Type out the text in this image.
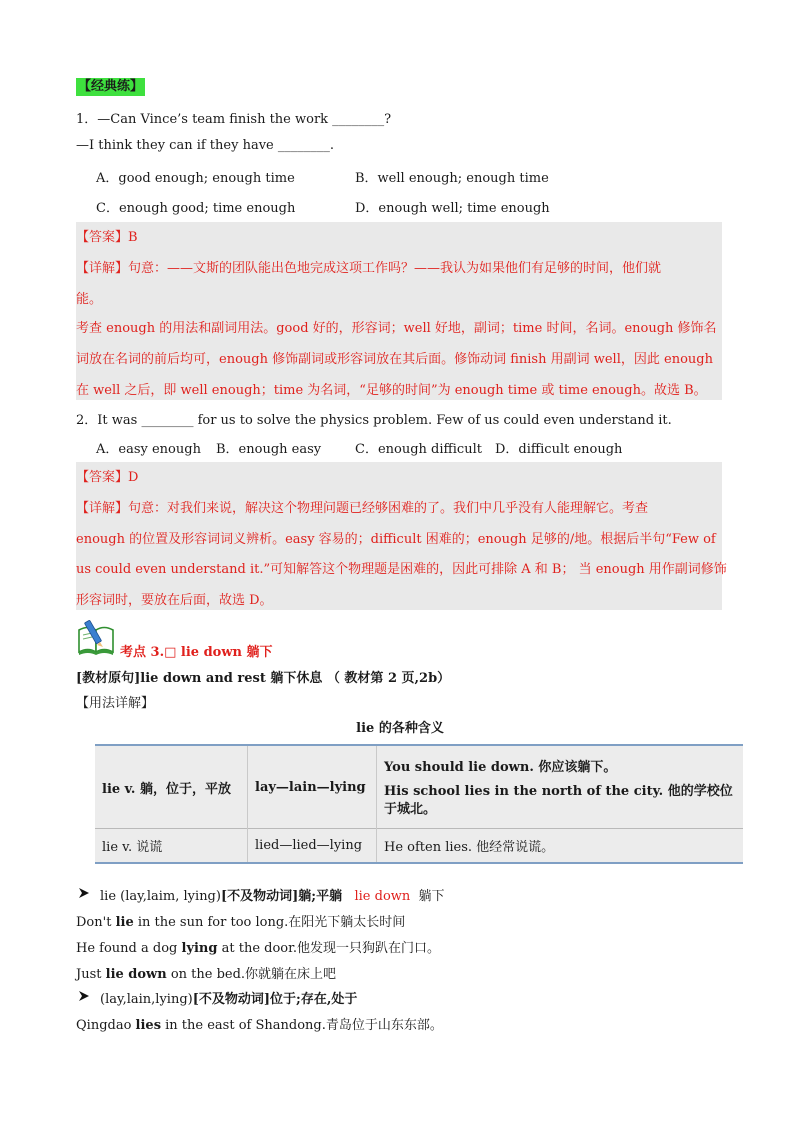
【经典练】
1．—Can Vince’s team finish the work ________?
—I think they can if they have ________.
A．good enough; enough time	B．well enough; enough time
C．enough good; time enough	D．enough well; time enough
【答案】B
【详解】句意：——文斯的团队能出色地完成这项工作吗？——我认为如果他们有足够的时间，他们就
能。
考查 enough 的用法和副词用法。good 好的，形容词；well 好地，副词；time 时间，名词。enough 修饰名
词放在名词的前后均可，enough 修饰副词或形容词放在其后面。修饰动词 finish 用副词 well，因此 enough
在 well 之后，即 well enough；time 为名词，“足够的时间”为 enough time 或 time enough。故选 B。
2．It was ________ for us to solve the physics problem. Few of us could even understand it.
A．easy enough B．enough easy	C．enough difficult D．difficult enough
【答案】D
【详解】句意：对我们来说，解决这个物理问题已经够困难的了。我们中几乎没有人能理解它。考查
enough 的位置及形容词词义辨析。easy 容易的；difficult 困难的；enough 足够的/地。根据后半句“Few of
us could even understand it.”可知解答这个物理题是困难的，因此可排除 A 和 B； 当 enough 用作副词修饰
形容词时，要放在后面，故选 D。
考点 3.□ lie down 躺下
[教材原句]lie down and rest 躺下休息 （ 教材第 2 页,2b）
【用法详解】
lie 的各种含义
lie v. 躺，位于，平放	lay—lain—lying	You should lie down. 你应该躺下。
His school lies in the north of the city. 他的学校位于城北。

lie v. 说谎	lied—lied—lying	He often lies. 他经常说谎。
lie (lay,laim, lying)[不及物动词]躺;平躺 lie down 躺下
Don't lie in the sun for too long.在阳光下躺太长时间
He found a dog lying at the door.他发现一只狗趴在门口。
Just lie down on the bed.你就躺在床上吧
(lay,lain,lying)[不及物动词]位于;存在,处于
Qingdao lies in the east of Shandong.青岛位于山东东部。
